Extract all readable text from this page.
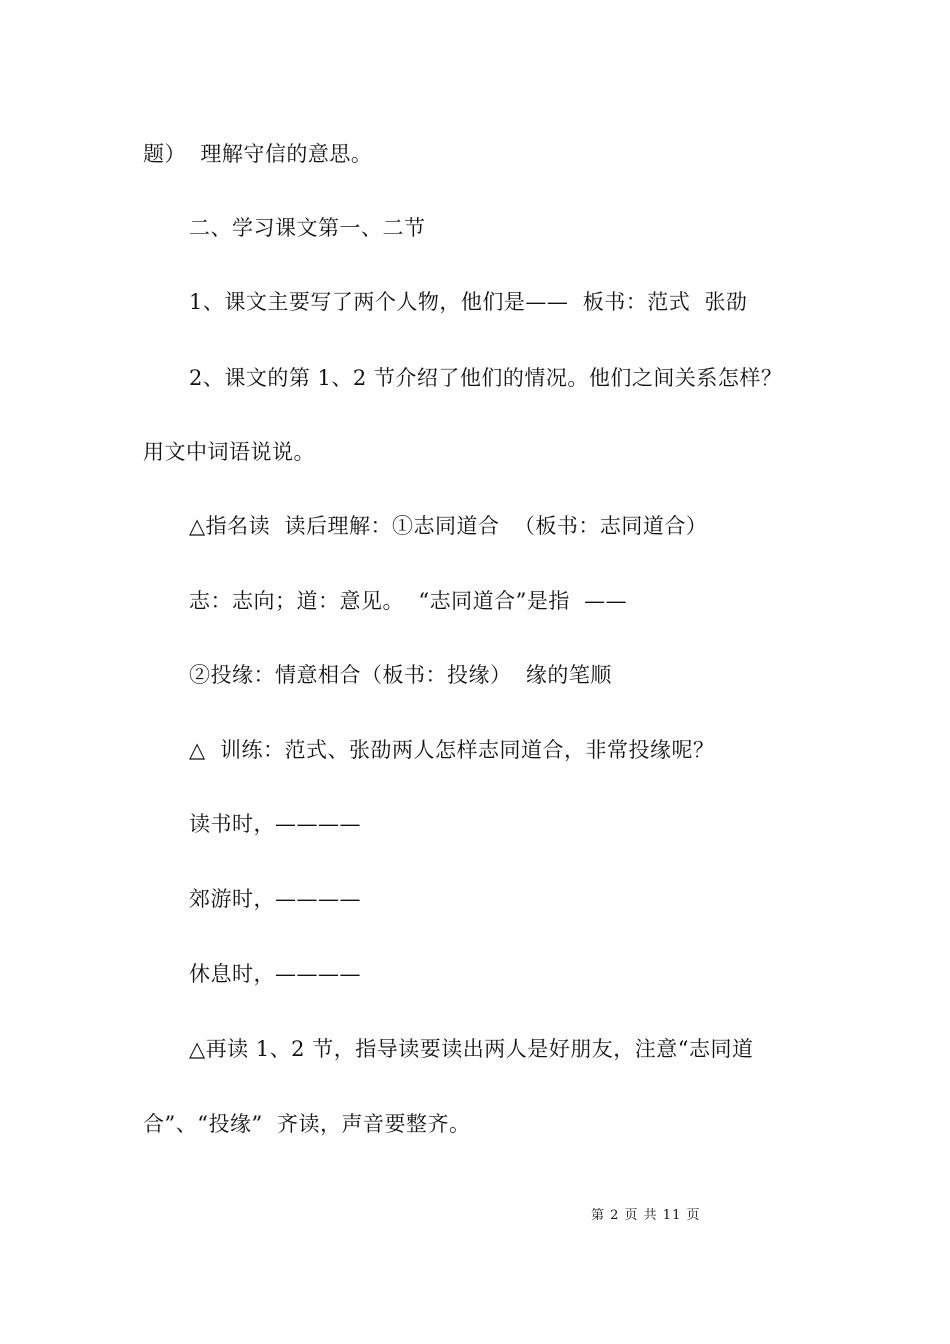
题）  理解守信的意思。
二、学习课文第一、二节
1、课文主要写了两个人物，他们是——  板书：范式  张劭
2、课文的第 1、2 节介绍了他们的情况。他们之间关系怎样？
用文中词语说说。
△指名读  读后理解：①志同道合  （板书：志同道合）
志：志向；道：意见。  “志同道合”是指  ——
②投缘：情意相合（板书：投缘）  缘的笔顺
△  训练：范式、张劭两人怎样志同道合，非常投缘呢？
读书时，————
郊游时，————
休息时，————
△再读 1、2 节，指导读要读出两人是好朋友，注意“志同道
合”、“投缘”  齐读，声音要整齐。
第 2 页 共 11 页
